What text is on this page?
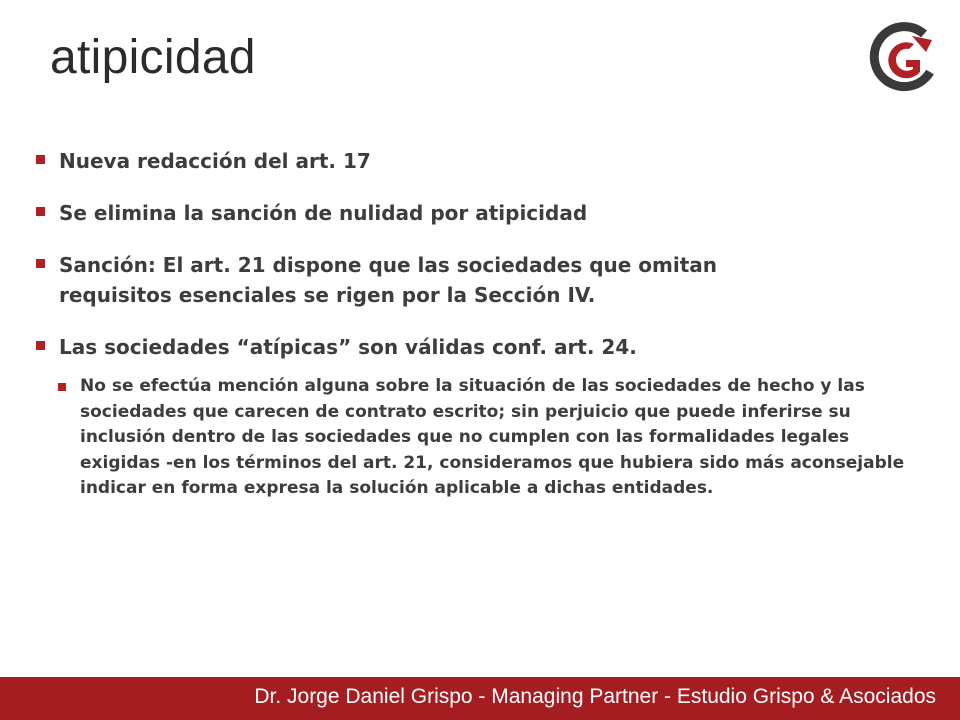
atipicidad
Nueva redacción del art. 17
Se elimina la sanción de nulidad por atipicidad
Sanción: El art. 21 dispone que las sociedades que omitan requisitos esenciales se rigen por la Sección IV.
Las sociedades “atípicas” son válidas conf. art. 24.
No se efectúa mención alguna sobre la situación de las sociedades de hecho y las sociedades que carecen de contrato escrito; sin perjuicio que puede inferirse su inclusión dentro de las sociedades que no cumplen con las formalidades legales exigidas -en los términos del art. 21, consideramos que hubiera sido más aconsejable indicar en forma expresa la solución aplicable a dichas entidades.
Dr. Jorge Daniel Grispo - Managing Partner - Estudio Grispo & Asociados
